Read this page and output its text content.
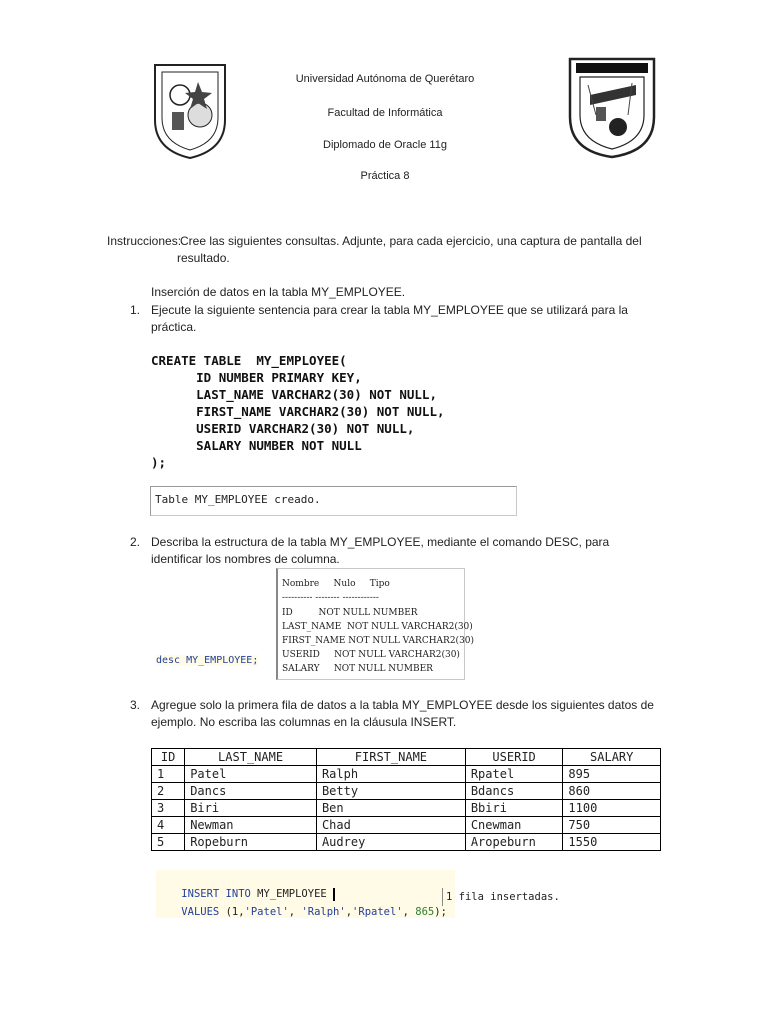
Universidad Autónoma de Querétaro
Facultad de Informática
Diplomado de Oracle 11g
Práctica 8
Instrucciones:
Cree las siguientes consultas. Adjunte, para cada ejercicio, una captura de pantalla del
resultado.
Inserción de datos en la tabla MY_EMPLOYEE.
1. Ejecute la siguiente sentencia para crear la tabla MY_EMPLOYEE que se utilizará para la
práctica.
CREATE TABLE  MY_EMPLOYEE(
ID NUMBER PRIMARY KEY,
LAST_NAME VARCHAR2(30) NOT NULL,
FIRST_NAME VARCHAR2(30) NOT NULL,
USERID VARCHAR2(30) NOT NULL,
SALARY NUMBER NOT NULL
);
Table MY_EMPLOYEE creado.
2. Describa la estructura de la tabla MY_EMPLOYEE, mediante el comando DESC, para
identificar los nombres de columna.
desc MY_EMPLOYEE;
Nombre     Nulo     Tipo
---------- -------- ------------
ID         NOT NULL NUMBER
LAST_NAME  NOT NULL VARCHAR2(30)
FIRST_NAME NOT NULL VARCHAR2(30)
USERID     NOT NULL VARCHAR2(30)
SALARY     NOT NULL NUMBER
3. Agregue solo la primera fila de datos a la tabla MY_EMPLOYEE desde los siguientes datos de
ejemplo. No escriba las columnas en la cláusula INSERT.
ID	LAST_NAME	FIRST_NAME	USERID	SALARY
1	Patel	Ralph	Rpatel	895
2	Dancs	Betty	Bdancs	860
3	Biri	Ben	Bbiri	1100
4	Newman	Chad	Cnewman	750
5	Ropeburn	Audrey	Aropeburn	1550

INSERT INTO MY_EMPLOYEE

VALUES (1,'Patel', 'Ralph','Rpatel', 865);

1 fila insertadas.
